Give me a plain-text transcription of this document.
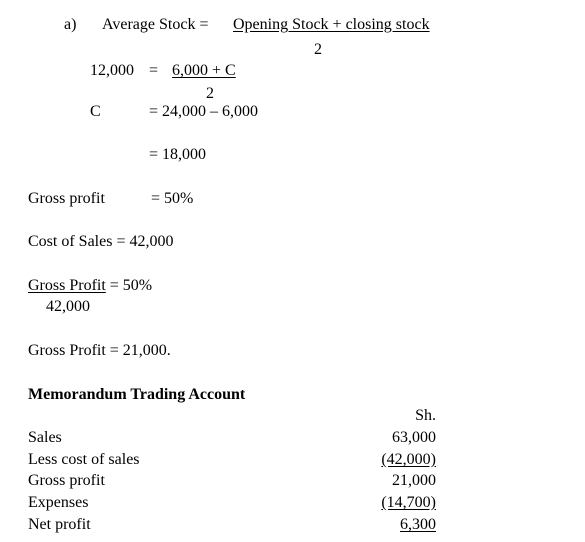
a) Average Stock = Opening Stock + closing stock
2
12,000 = 6,000 + C
2
C	= 24,000 – 6,000
= 18,000
Gross profit	= 50%
Cost of Sales = 42,000
Gross Profit = 50%
42,000
Gross Profit = 21,000.
Memorandum Trading Account
Sh.
Sales	63,000
Less cost of sales	(42,000)
Gross profit	21,000
Expenses	(14,700)
Net profit	6,300
